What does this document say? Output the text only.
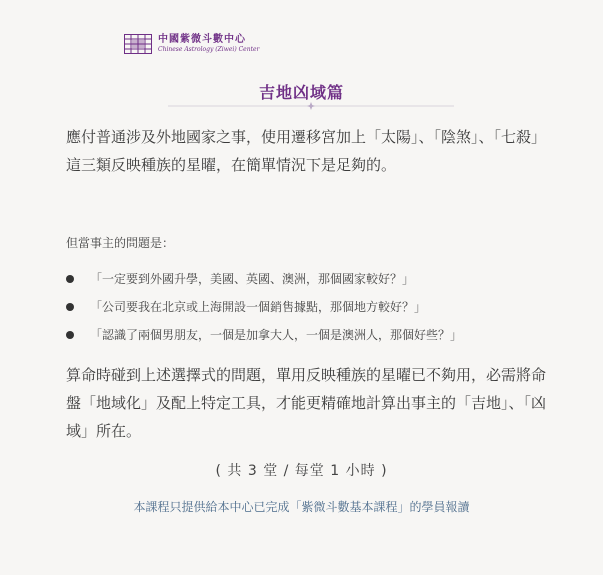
中國紫微斗數中心
Chinese Astrology (Ziwei) Center
吉地凶域篇
應付普通涉及外地國家之事，使用遷移宮加上「太陽」、「陰煞」、「七殺」這三類反映種族的星曜，在簡單情況下是足夠的。
但當事主的問題是：
「一定要到外國升學，美國、英國、澳洲，那個國家較好？」
「公司要我在北京或上海開設一個銷售據點，那個地方較好？」
「認識了兩個男朋友，一個是加拿大人，一個是澳洲人，那個好些？」
算命時碰到上述選擇式的問題，單用反映種族的星曜已不夠用，必需將命盤「地域化」及配上特定工具，才能更精確地計算出事主的「吉地」、「凶域」所在。
( 共 3 堂 / 每堂 1 小時 )
本課程只提供給本中心已完成「紫微斗數基本課程」的學員報讀
